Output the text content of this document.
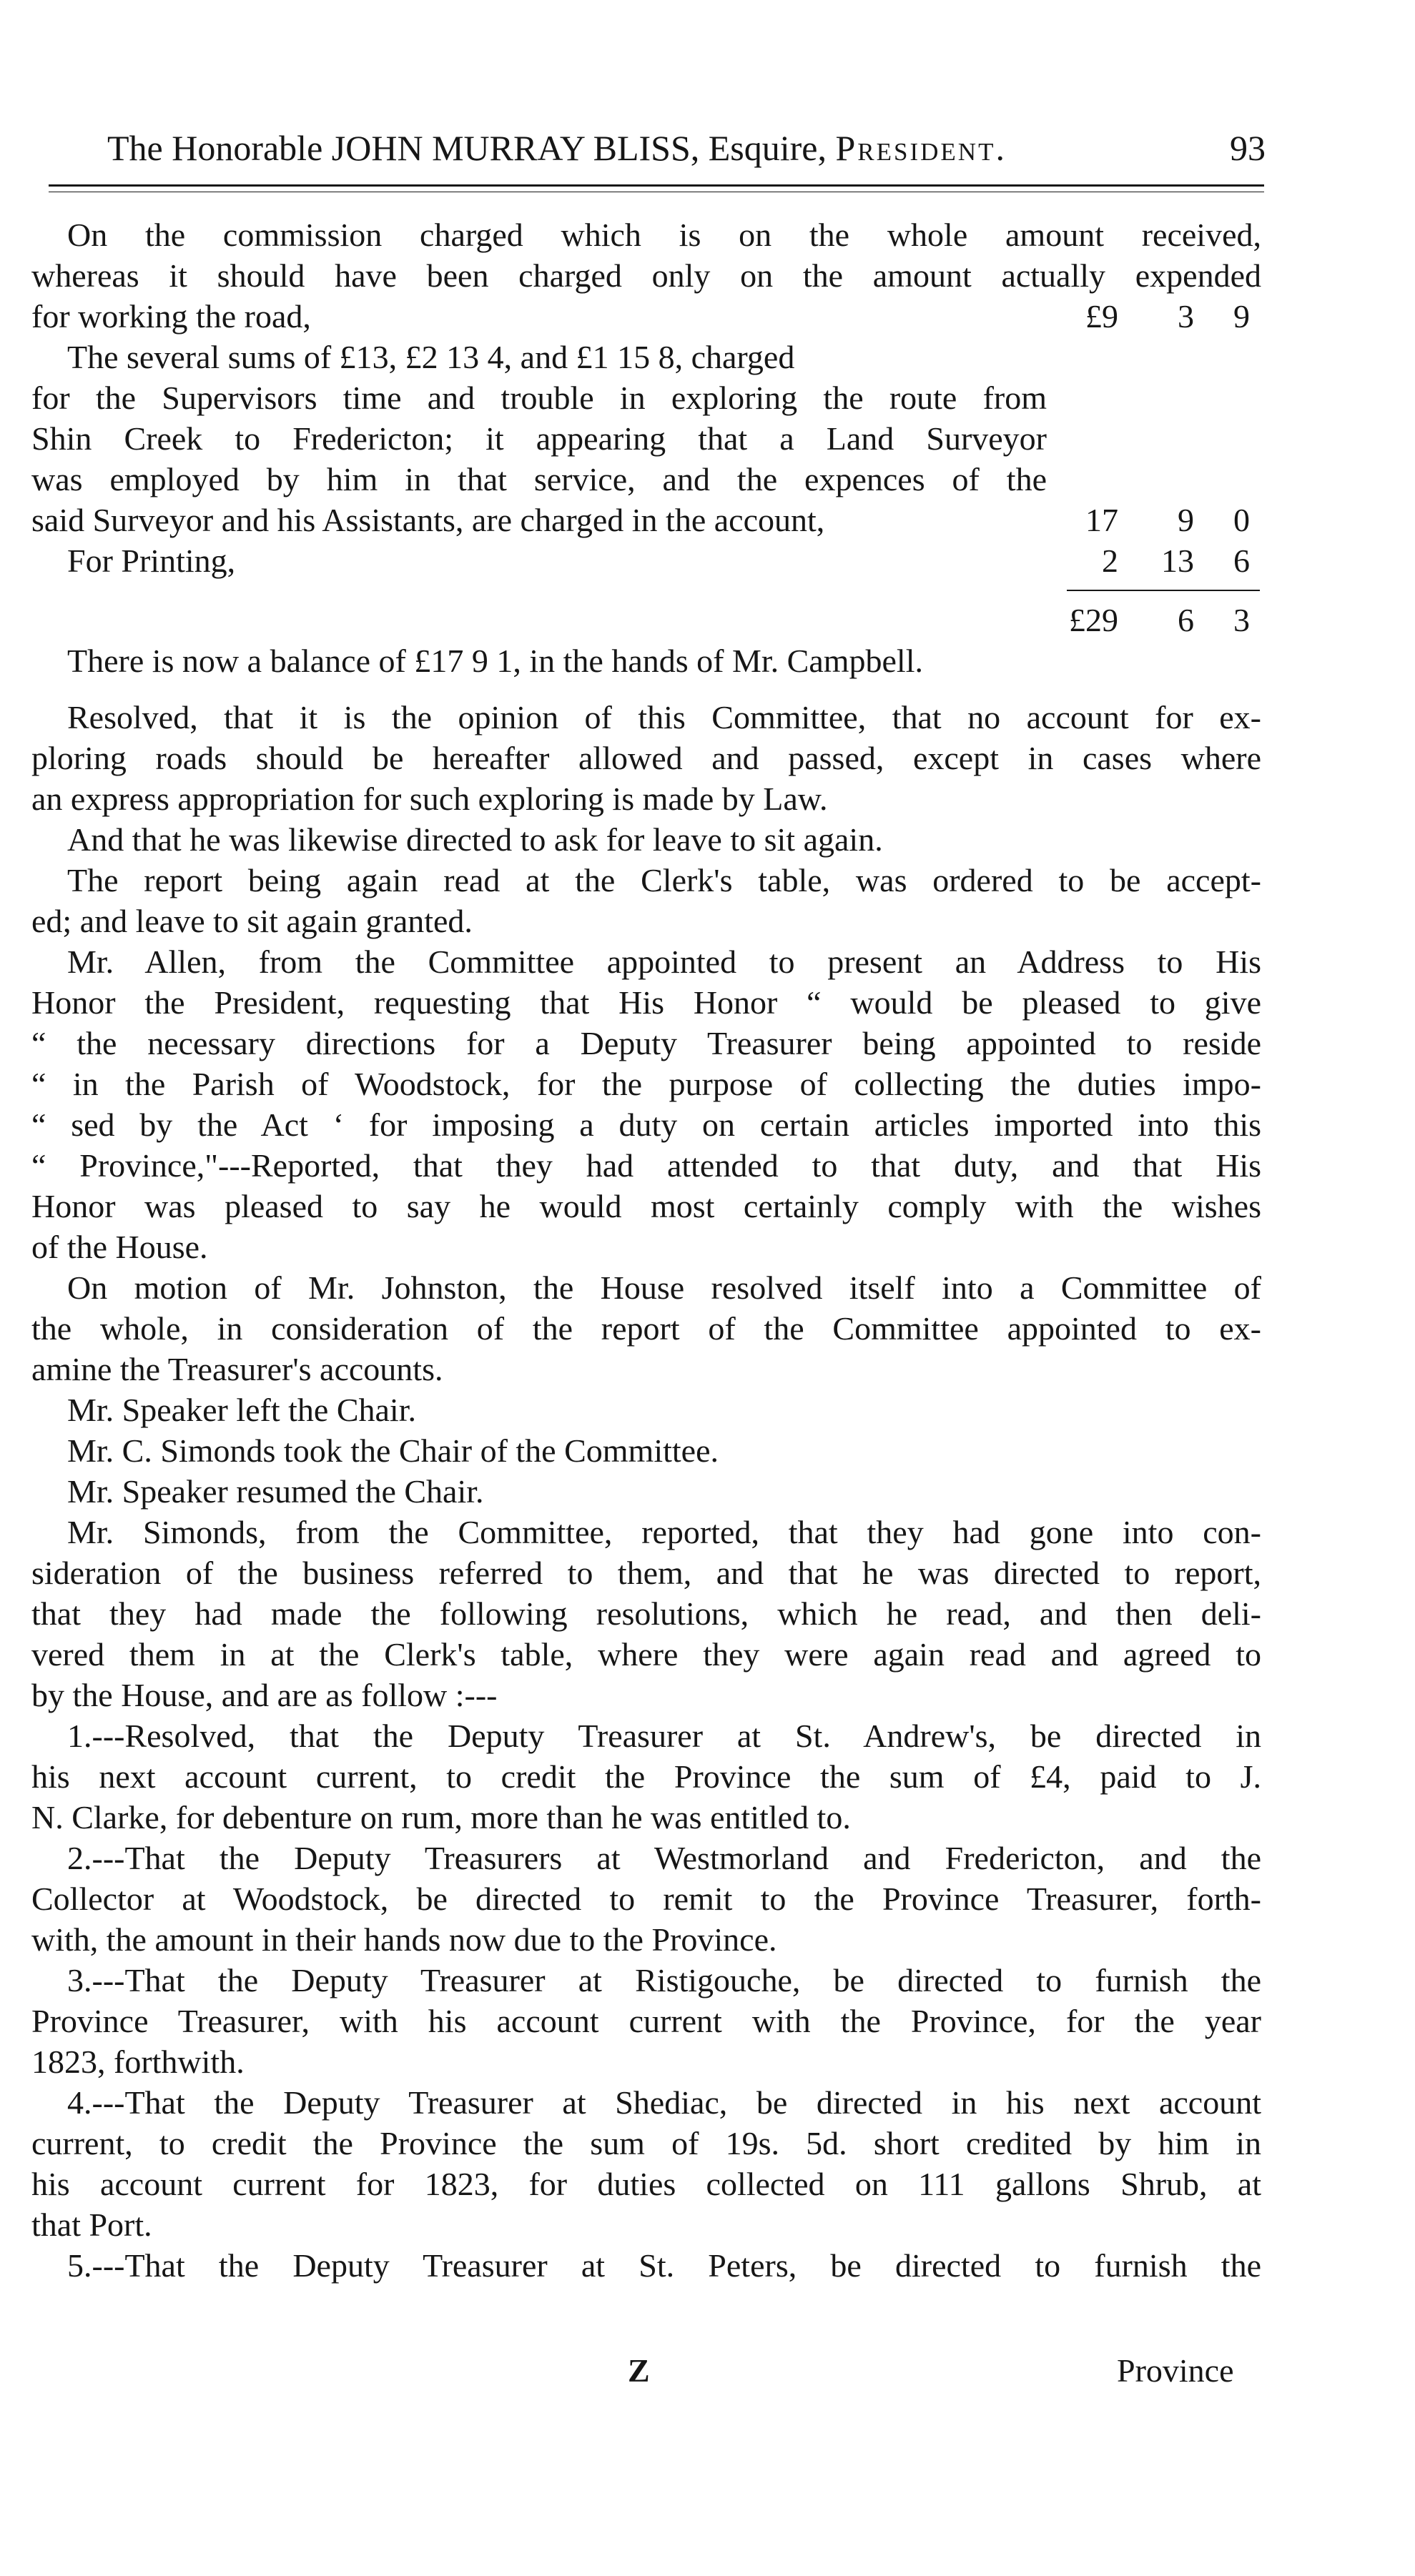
The Honorable JOHN MURRAY BLISS, Esquire, President.	93
On the commission charged which is on the whole amount received,
whereas it should have been charged only on the amount actually expended
for working the road,	£9 3 9
The several sums of £13, £2 13 4, and £1 15 8, charged
for the Supervisors time and trouble in exploring the route from
Shin Creek to Fredericton; it appearing that a Land Surveyor
was employed by him in that service, and the expences of the
said Surveyor and his Assistants, are charged in the account,	17 9 0
For Printing,	2 13 6
£29 6 3
There is now a balance of £17 9 1, in the hands of Mr. Campbell.
Resolved, that it is the opinion of this Committee, that no account for ex-
ploring roads should be hereafter allowed and passed, except in cases where
an express appropriation for such exploring is made by Law.
And that he was likewise directed to ask for leave to sit again.
The report being again read at the Clerk's table, was ordered to be accept-
ed; and leave to sit again granted.
Mr. Allen, from the Committee appointed to present an Address to His
Honor the President, requesting that His Honor “ would be pleased to give
“ the necessary directions for a Deputy Treasurer being appointed to reside
“ in the Parish of Woodstock, for the purpose of collecting the duties impo-
“ sed by the Act ‘ for imposing a duty on certain articles imported into this
“ Province,"---Reported, that they had attended to that duty, and that His
Honor was pleased to say he would most certainly comply with the wishes
of the House.
On motion of Mr. Johnston, the House resolved itself into a Committee of
the whole, in consideration of the report of the Committee appointed to ex-
amine the Treasurer's accounts.
Mr. Speaker left the Chair.
Mr. C. Simonds took the Chair of the Committee.
Mr. Speaker resumed the Chair.
Mr. Simonds, from the Committee, reported, that they had gone into con-
sideration of the business referred to them, and that he was directed to report,
that they had made the following resolutions, which he read, and then deli-
vered them in at the Clerk's table, where they were again read and agreed to
by the House, and are as follow :---
1.---Resolved, that the Deputy Treasurer at St. Andrew's, be directed in
his next account current, to credit the Province the sum of £4, paid to J.
N. Clarke, for debenture on rum, more than he was entitled to.
2.---That the Deputy Treasurers at Westmorland and Fredericton, and the
Collector at Woodstock, be directed to remit to the Province Treasurer, forth-
with, the amount in their hands now due to the Province.
3.---That the Deputy Treasurer at Ristigouche, be directed to furnish the
Province Treasurer, with his account current with the Province, for the year
1823, forthwith.
4.---That the Deputy Treasurer at Shediac, be directed in his next account
current, to credit the Province the sum of 19s. 5d. short credited by him in
his account current for 1823, for duties collected on 111 gallons Shrub, at
that Port.
5.---That the Deputy Treasurer at St. Peters, be directed to furnish the
Z	Province
